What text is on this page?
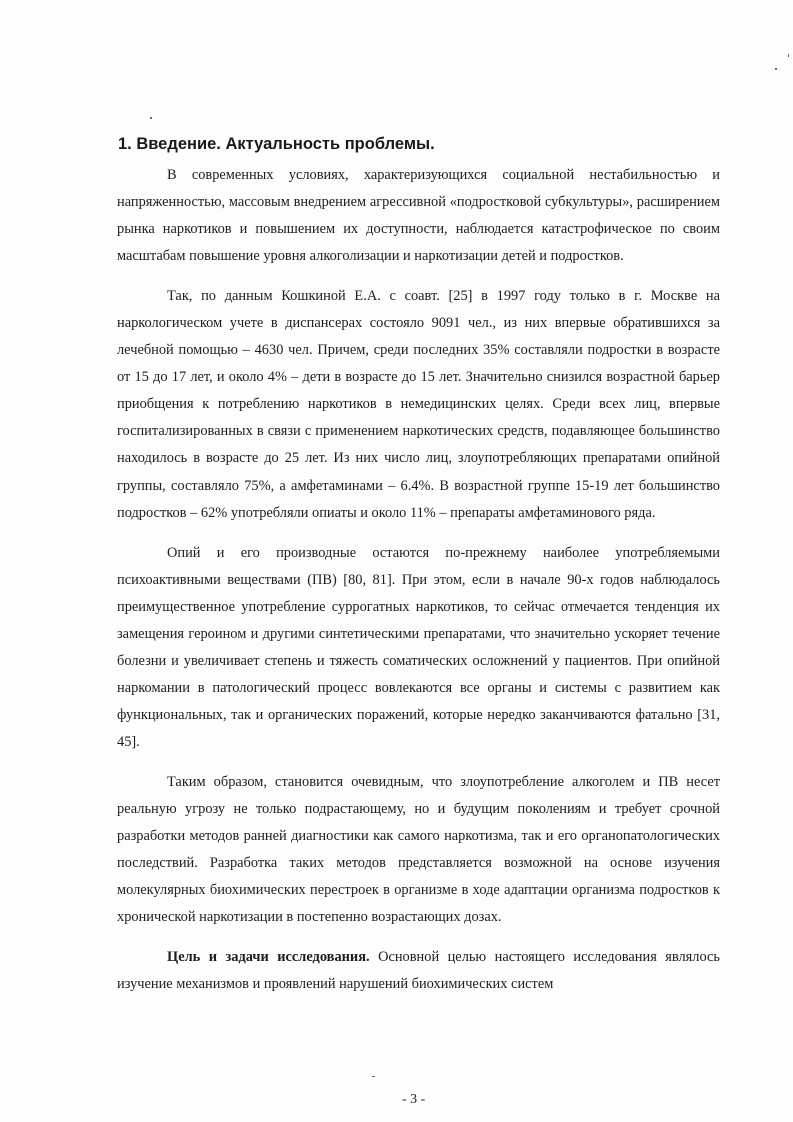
1. Введение. Актуальность проблемы.

В современных условиях, характеризующихся социальной нестабильностью и напряженностью, массовым внедрением агрессивной «подростковой субкультуры», расширением рынка наркотиков и повышением их доступности, наблюдается катастрофическое по своим масштабам повышение уровня алкоголизации и наркотизации детей и подростков.

Так, по данным Кошкиной Е.А. с соавт. [25] в 1997 году только в г. Москве на наркологическом учете в диспансерах состояло 9091 чел., из них впервые обратившихся за лечебной помощью – 4630 чел. Причем, среди последних 35% составляли подростки в возрасте от 15 до 17 лет, и около 4% – дети в возрасте до 15 лет. Значительно снизился возрастной барьер приобщения к потреблению наркотиков в немедицинских целях. Среди всех лиц, впервые госпитализированных в связи с применением наркотических средств, подавляющее большинство находилось в возрасте до 25 лет. Из них число лиц, злоупотребляющих препаратами опийной группы, составляло 75%, а амфетаминами – 6.4%. В возрастной группе 15-19 лет большинство подростков – 62% употребляли опиаты и около 11% – препараты амфетаминового ряда.

Опий и его производные остаются по-прежнему наиболее употребляемыми психоактивными веществами (ПВ) [80, 81]. При этом, если в начале 90-х годов наблюдалось преимущественное употребление суррогатных наркотиков, то сейчас отмечается тенденция их замещения героином и другими синтетическими препаратами, что значительно ускоряет течение болезни и увеличивает степень и тяжесть соматических осложнений у пациентов. При опийной наркомании в патологический процесс вовлекаются все органы и системы с развитием как функциональных, так и органических поражений, которые нередко заканчиваются фатально [31, 45].

Таким образом, становится очевидным, что злоупотребление алкоголем и ПВ несет реальную угрозу не только подрастающему, но и будущим поколениям и требует срочной разработки методов ранней диагностики как самого наркотизма, так и его органопатологических последствий. Разработка таких методов представляется возможной на основе изучения молекулярных биохимических перестроек в организме в ходе адаптации организма подростков к хронической наркотизации в постепенно возрастающих дозах.

Цель и задачи исследования. Основной целью настоящего исследования являлось изучение механизмов и проявлений нарушений биохимических систем

- 3 -
